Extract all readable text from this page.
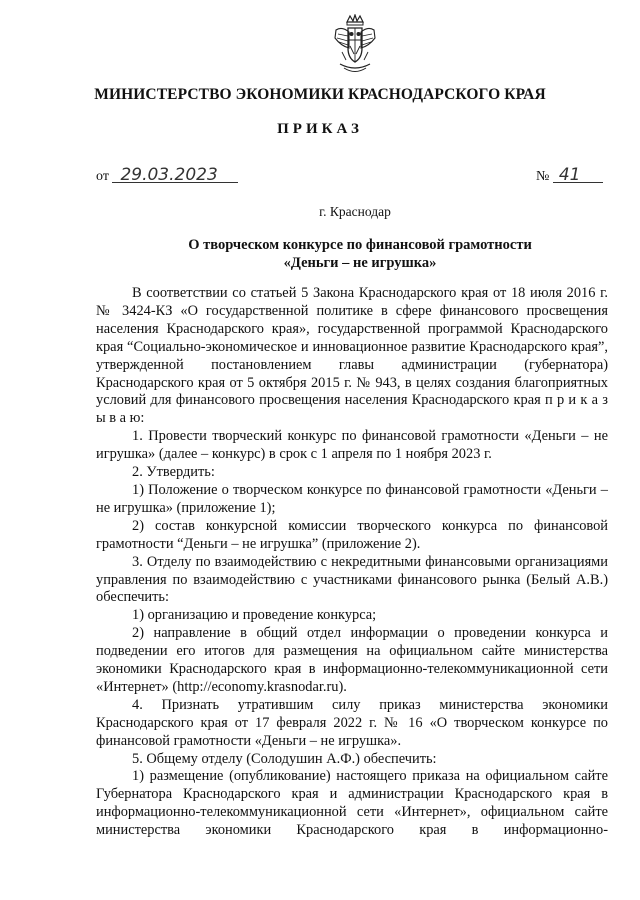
МИНИСТЕРСТВО ЭКОНОМИКИ КРАСНОДАРСКОГО КРАЯ
ПРИКАЗ
от 29.03.2023	№ 41
г. Краснодар
О творческом конкурсе по финансовой грамотности
«Деньги – не игрушка»

В соответствии со статьей 5 Закона Краснодарского края от 18 июля 2016 г. № 3424-КЗ «О государственной политике в сфере финансового просвещения населения Краснодарского края», государственной программой Краснодарского края “Социально-экономическое и инновационное развитие Краснодарского края”, утвержденной постановлением главы администрации (губернатора) Краснодарского края от 5 октября 2015 г. № 943, в целях создания благоприятных условий для финансового просвещения населения Краснодарского края п р и к а з ы в а ю:

1. Провести творческий конкурс по финансовой грамотности «Деньги – не игрушка» (далее – конкурс) в срок с 1 апреля по 1 ноября 2023 г.

2. Утвердить:

1) Положение о творческом конкурсе по финансовой грамотности «Деньги – не игрушка» (приложение 1);

2) состав конкурсной комиссии творческого конкурса по финансовой грамотности “Деньги – не игрушка” (приложение 2).

3. Отделу по взаимодействию с некредитными финансовыми организациями управления по взаимодействию с участниками финансового рынка (Белый А.В.) обеспечить:

1) организацию и проведение конкурса;

2) направление в общий отдел информации о проведении конкурса и подведении его итогов для размещения на официальном сайте министерства экономики Краснодарского края в информационно-телекоммуникационной сети «Интернет» (http://economy.krasnodar.ru).

4. Признать утратившим силу приказ министерства экономики Краснодарского края от 17 февраля 2022 г. № 16 «О творческом конкурсе по финансовой грамотности «Деньги – не игрушка».

5. Общему отделу (Солодушин А.Ф.) обеспечить:

1) размещение (опубликование) настоящего приказа на официальном сайте Губернатора Краснодарского края и администрации Краснодарского края в информационно-телекоммуникационной сети «Интернет», официальном сайте министерства экономики Краснодарского края в информационно-
